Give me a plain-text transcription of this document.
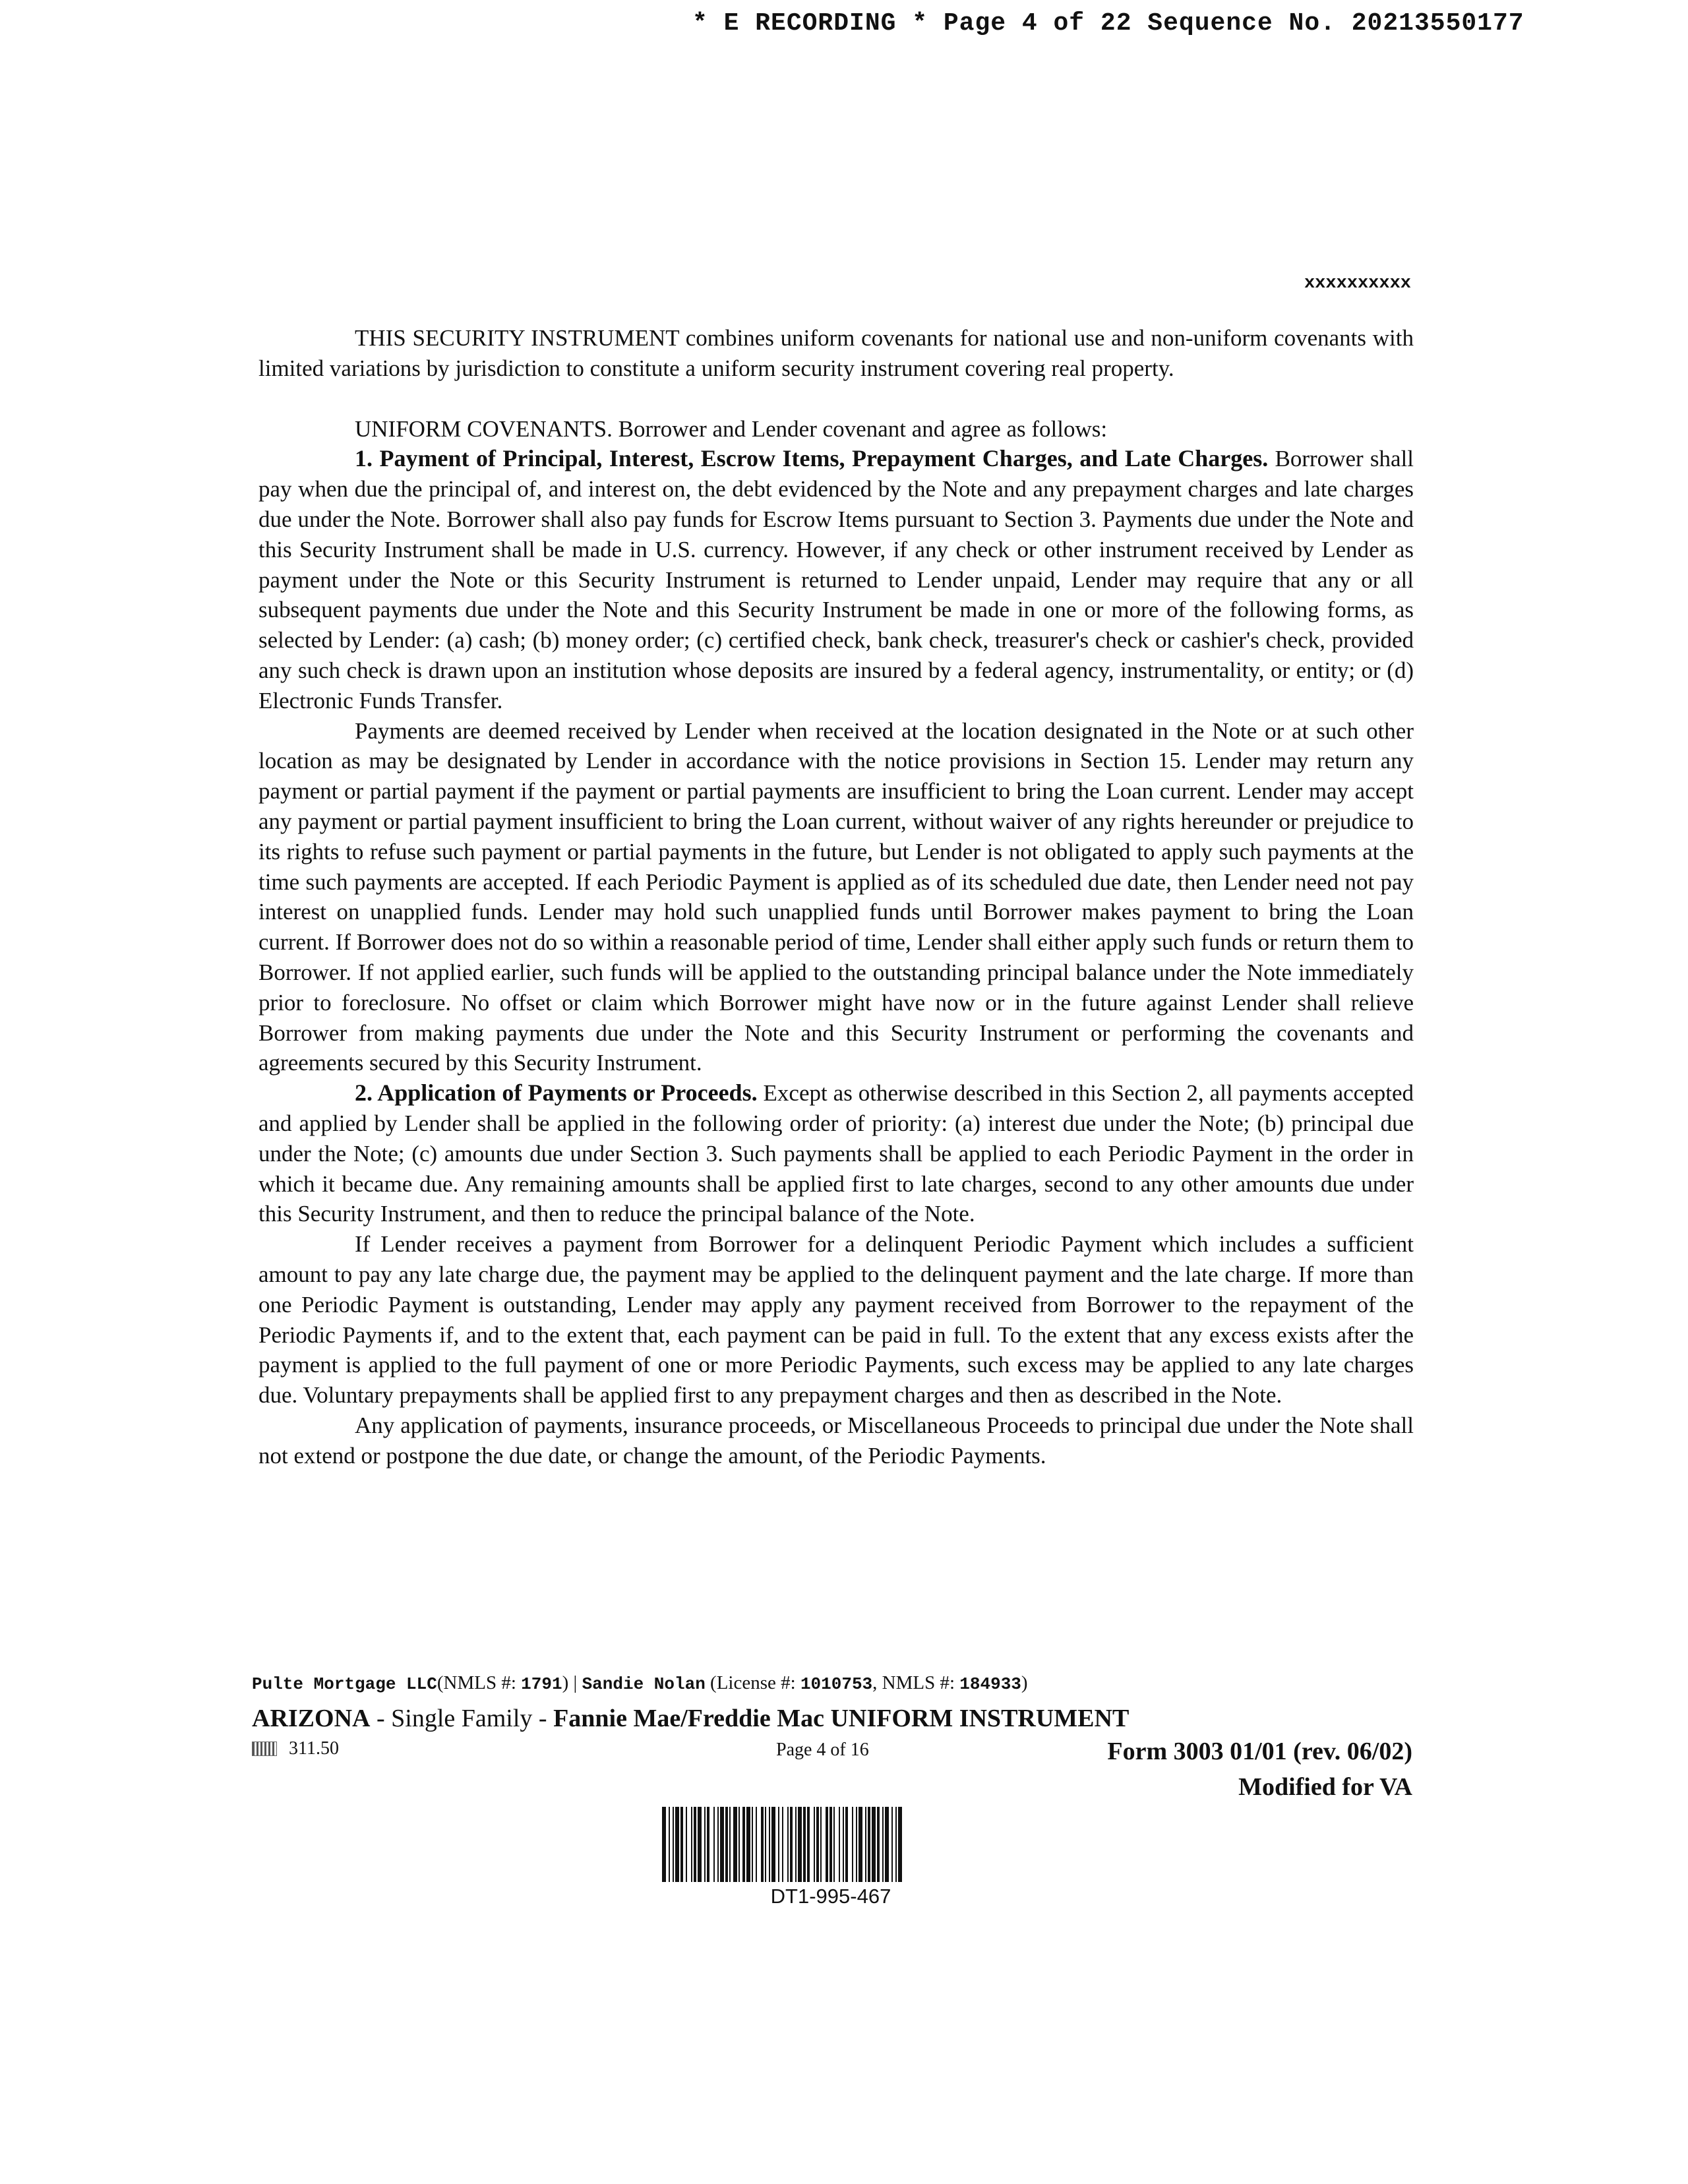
* E RECORDING * Page 4 of 22 Sequence No. 20213550177
xxxxxxxxxx

THIS SECURITY INSTRUMENT combines uniform covenants for national use and non-uniform covenants with limited variations by jurisdiction to constitute a uniform security instrument covering real property.

UNIFORM COVENANTS. Borrower and Lender covenant and agree as follows:

1. Payment of Principal, Interest, Escrow Items, Prepayment Charges, and Late Charges. Borrower shall pay when due the principal of, and interest on, the debt evidenced by the Note and any prepayment charges and late charges due under the Note. Borrower shall also pay funds for Escrow Items pursuant to Section 3. Payments due under the Note and this Security Instrument shall be made in U.S. currency. However, if any check or other instrument received by Lender as payment under the Note or this Security Instrument is returned to Lender unpaid, Lender may require that any or all subsequent payments due under the Note and this Security Instrument be made in one or more of the following forms, as selected by Lender: (a) cash; (b) money order; (c) certified check, bank check, treasurer's check or cashier's check, provided any such check is drawn upon an institution whose deposits are insured by a federal agency, instrumentality, or entity; or (d) Electronic Funds Transfer.

Payments are deemed received by Lender when received at the location designated in the Note or at such other location as may be designated by Lender in accordance with the notice provisions in Section 15. Lender may return any payment or partial payment if the payment or partial payments are insufficient to bring the Loan current. Lender may accept any payment or partial payment insufficient to bring the Loan current, without waiver of any rights hereunder or prejudice to its rights to refuse such payment or partial payments in the future, but Lender is not obligated to apply such payments at the time such payments are accepted. If each Periodic Payment is applied as of its scheduled due date, then Lender need not pay interest on unapplied funds. Lender may hold such unapplied funds until Borrower makes payment to bring the Loan current. If Borrower does not do so within a reasonable period of time, Lender shall either apply such funds or return them to Borrower. If not applied earlier, such funds will be applied to the outstanding principal balance under the Note immediately prior to foreclosure. No offset or claim which Borrower might have now or in the future against Lender shall relieve Borrower from making payments due under the Note and this Security Instrument or performing the covenants and agreements secured by this Security Instrument.

2. Application of Payments or Proceeds. Except as otherwise described in this Section 2, all payments accepted and applied by Lender shall be applied in the following order of priority: (a) interest due under the Note; (b) principal due under the Note; (c) amounts due under Section 3. Such payments shall be applied to each Periodic Payment in the order in which it became due. Any remaining amounts shall be applied first to late charges, second to any other amounts due under this Security Instrument, and then to reduce the principal balance of the Note.

If Lender receives a payment from Borrower for a delinquent Periodic Payment which includes a sufficient amount to pay any late charge due, the payment may be applied to the delinquent payment and the late charge. If more than one Periodic Payment is outstanding, Lender may apply any payment received from Borrower to the repayment of the Periodic Payments if, and to the extent that, each payment can be paid in full. To the extent that any excess exists after the payment is applied to the full payment of one or more Periodic Payments, such excess may be applied to any late charges due. Voluntary prepayments shall be applied first to any prepayment charges and then as described in the Note.

Any application of payments, insurance proceeds, or Miscellaneous Proceeds to principal due under the Note shall not extend or postpone the due date, or change the amount, of the Periodic Payments.

Pulte Mortgage LLC(NMLS #: 1791) | Sandie Nolan (License #: 1010753, NMLS #: 184933)
ARIZONA - Single Family - Fannie Mae/Freddie Mac UNIFORM INSTRUMENT
311.50	Page 4 of 16	Form 3003 01/01 (rev. 06/02)
Modified for VA
DT1-995-467
